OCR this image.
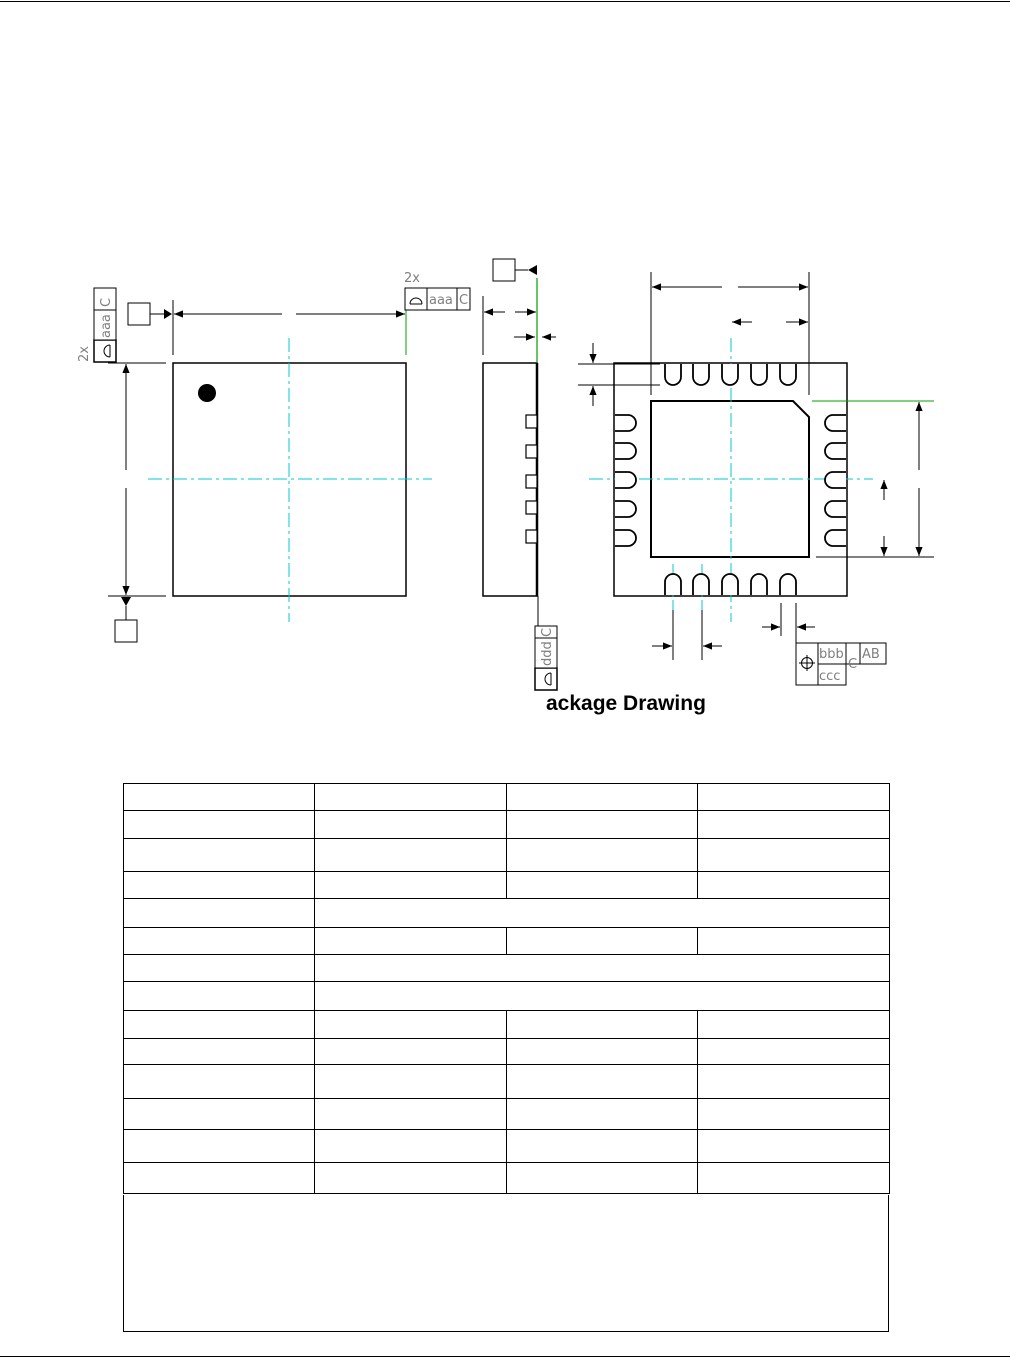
2x
aaa C
aaa
C
2x
ddd
C
bbb
ccc
C
AB
ackage Drawing
